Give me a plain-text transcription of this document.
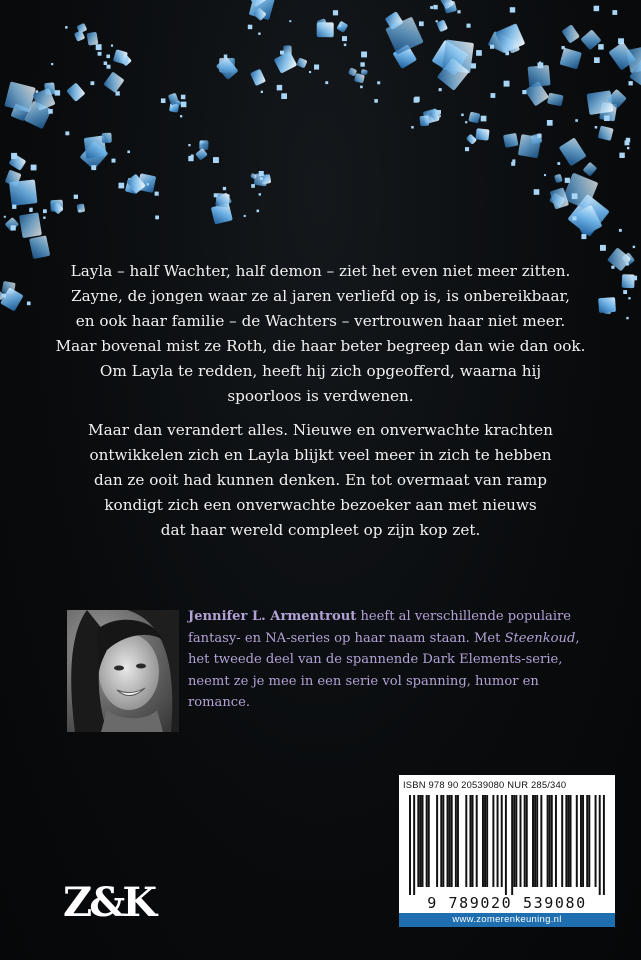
Layla – half Wachter, half demon – ziet het even niet meer zitten.
Zayne, de jongen waar ze al jaren verliefd op is, is onbereikbaar,
en ook haar familie – de Wachters – vertrouwen haar niet meer.
Maar bovenal mist ze Roth, die haar beter begreep dan wie dan ook.
Om Layla te redden, heeft hij zich opgeofferd, waarna hij
spoorloos is verdwenen.

Maar dan verandert alles. Nieuwe en onverwachte krachten
ontwikkelen zich en Layla blijkt veel meer in zich te hebben
dan ze ooit had kunnen denken. En tot overmaat van ramp
kondigt zich een onverwachte bezoeker aan met nieuws
dat haar wereld compleet op zijn kop zet.

Jennifer L. Armentrout heeft al verschillende populaire
fantasy- en NA-series op haar naam staan. Met Steenkoud,
het tweede deel van de spannende Dark Elements-serie,
neemt ze je mee in een serie vol spanning, humor en
romance.
ISBN 978 90 20539080 NUR 285/340
9 789020 539080
www.zomerenkeuning.nl
Z&K
